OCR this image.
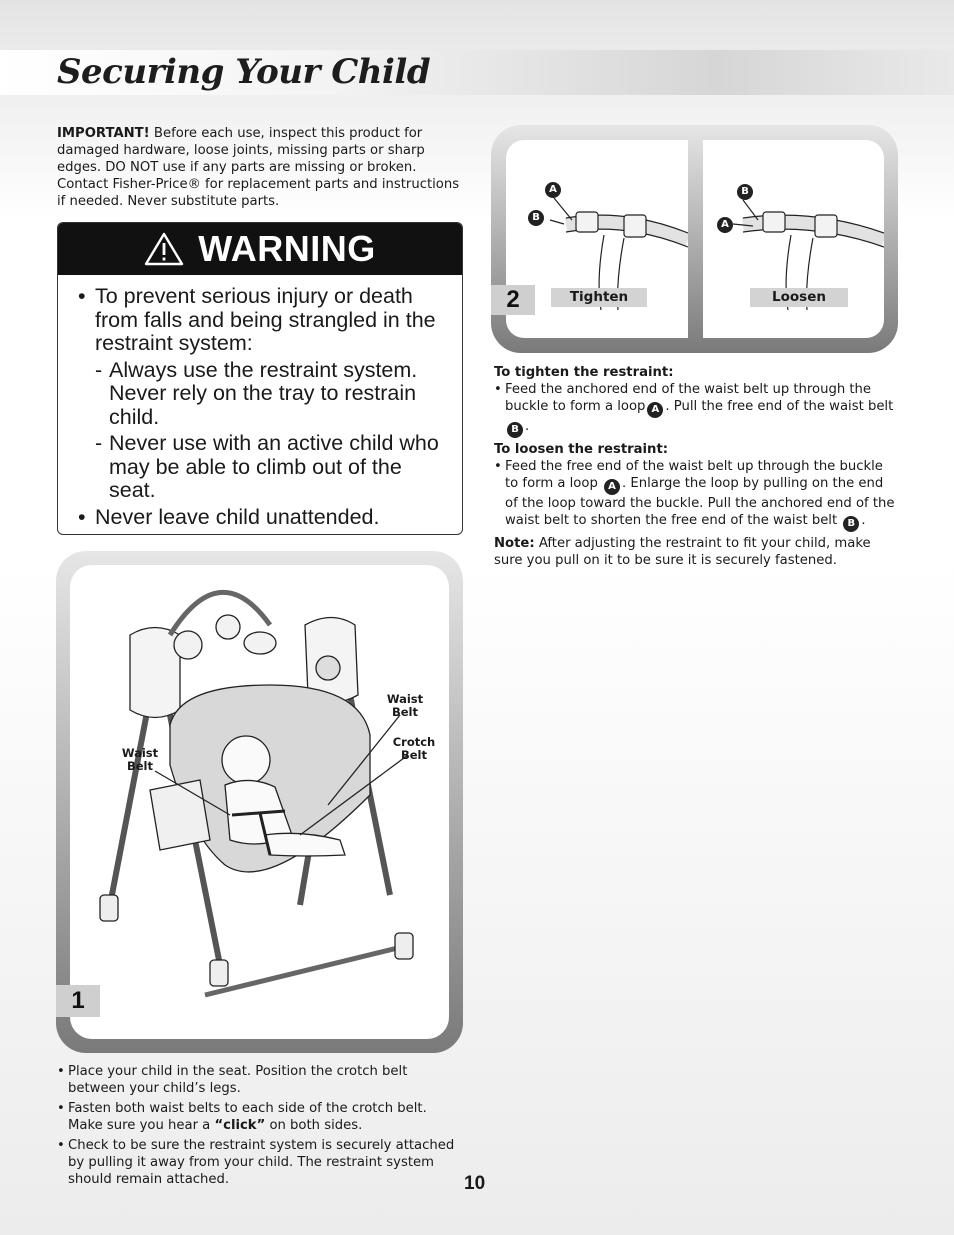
Securing Your Child

IMPORTANT! Before each use, inspect this product for damaged hardware, loose joints, missing parts or sharp edges. DO NOT use if any parts are missing or broken. Contact Fisher-Price® for replacement parts and instructions if needed. Never substitute parts.

WARNING
• To prevent serious injury or death from falls and being strangled in the restraint system:
- Always use the restraint system. Never rely on the tray to restrain child.
- Never use with an active child who may be able to climb out of the seat.
• Never leave child unattended.
Waist Belt
Waist Belt
Crotch Belt
1
A
B
B
A
2	Tighten	Loosen
To tighten the restraint:
• Feed the anchored end of the waist belt up through the buckle to form a loop A . Pull the free end of the waist belt B .
To loosen the restraint:
• Feed the free end of the waist belt up through the buckle to form a loop A . Enlarge the loop by pulling on the end of the loop toward the buckle. Pull the anchored end of the waist belt to shorten the free end of the waist belt B .

Note: After adjusting the restraint to fit your child, make sure you pull on it to be sure it is securely fastened.

• Place your child in the seat. Position the crotch belt between your child’s legs.
• Fasten both waist belts to each side of the crotch belt. Make sure you hear a “click” on both sides.
• Check to be sure the restraint system is securely attached by pulling it away from your child. The restraint system should remain attached.	10
